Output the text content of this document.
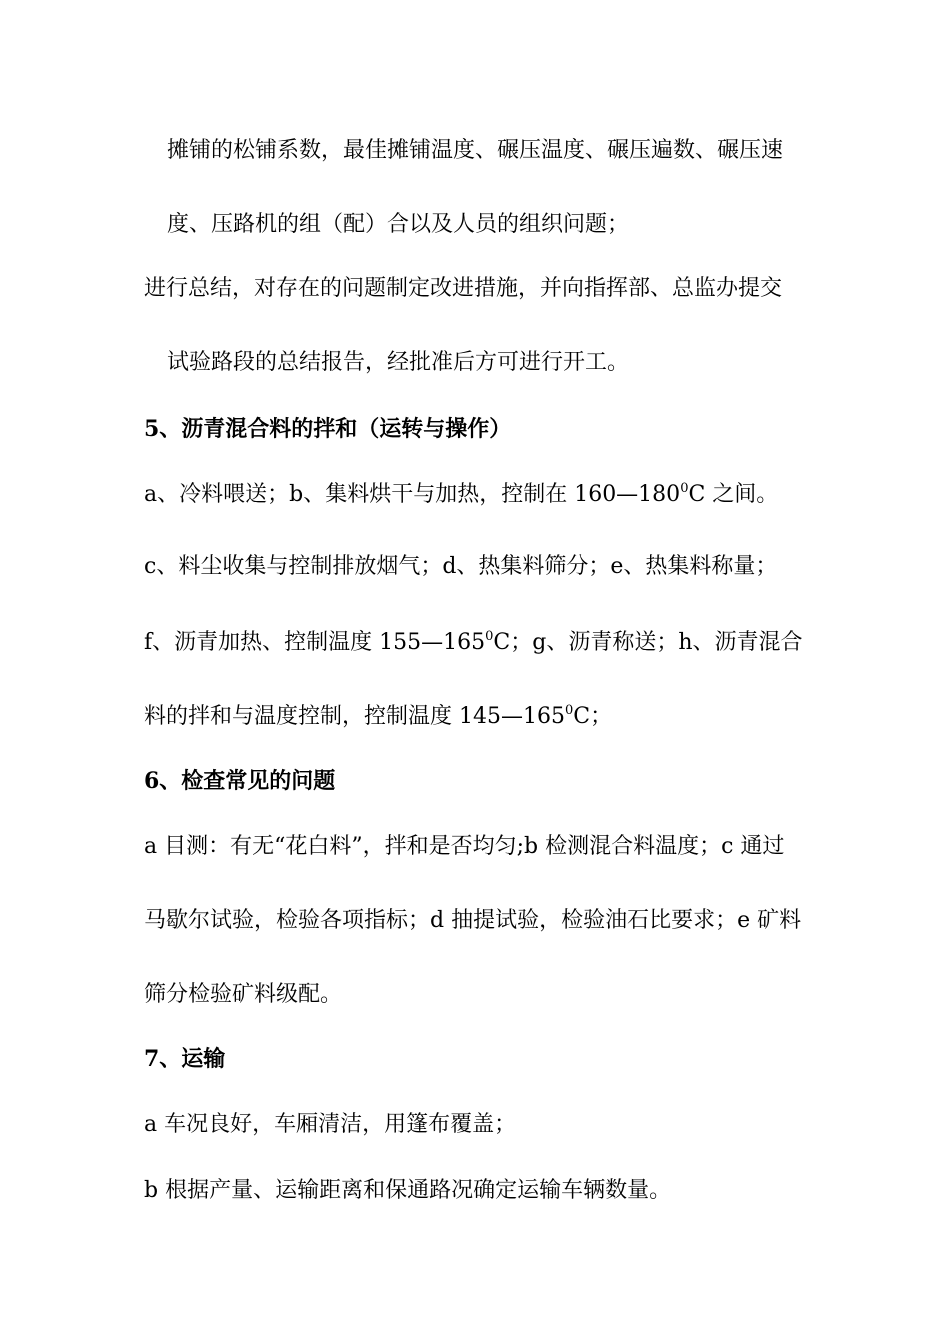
摊铺的松铺系数，最佳摊铺温度、碾压温度、碾压遍数、碾压速
度、压路机的组（配）合以及人员的组织问题；
进行总结，对存在的问题制定改进措施，并向指挥部、总监办提交
试验路段的总结报告，经批准后方可进行开工。
5、沥青混合料的拌和（运转与操作）
a、冷料喂送；b、集料烘干与加热，控制在 $160—180^0C$ 之间。
c、料尘收集与控制排放烟气；d、热集料筛分；e、热集料称量；
f、沥青加热、控制温度 $155—165^0C$；g、沥青称送；h、沥青混合
料的拌和与温度控制，控制温度 $145—165^0C$；
6、检查常见的问题
a 目测：有无“花白料”，拌和是否均匀;b 检测混合料温度；c 通过
马歇尔试验，检验各项指标；d 抽提试验，检验油石比要求；e 矿料
筛分检验矿料级配。
7、运输
a 车况良好，车厢清洁，用篷布覆盖；
b 根据产量、运输距离和保通路况确定运输车辆数量。
